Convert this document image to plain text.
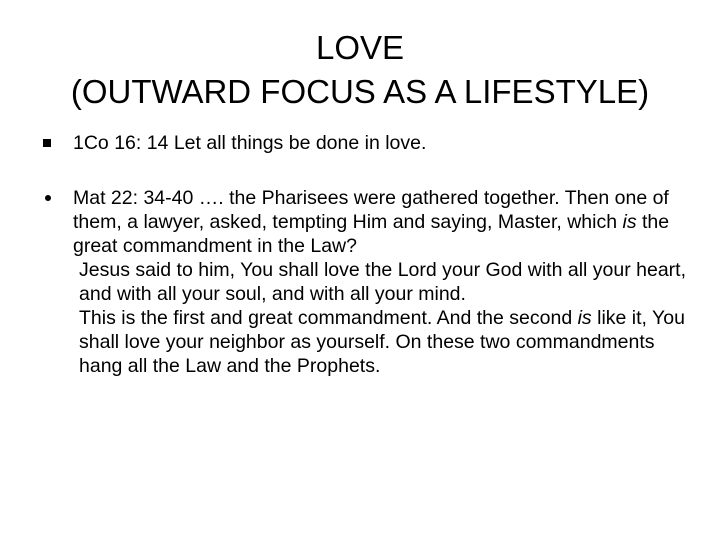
LOVE
(OUTWARD FOCUS AS A LIFESTYLE)
1Co 16: 14 Let all things be done in love.
Mat 22: 34-40 …. the Pharisees were gathered together. Then one of them, a lawyer, asked, tempting Him and saying, Master, which is the great commandment in the Law?
Jesus said to him, You shall love the Lord your God with all your heart, and with all your soul, and with all your mind.
This is the first and great commandment. And the second is like it, You shall love your neighbor as yourself. On these two commandments hang all the Law and the Prophets.
